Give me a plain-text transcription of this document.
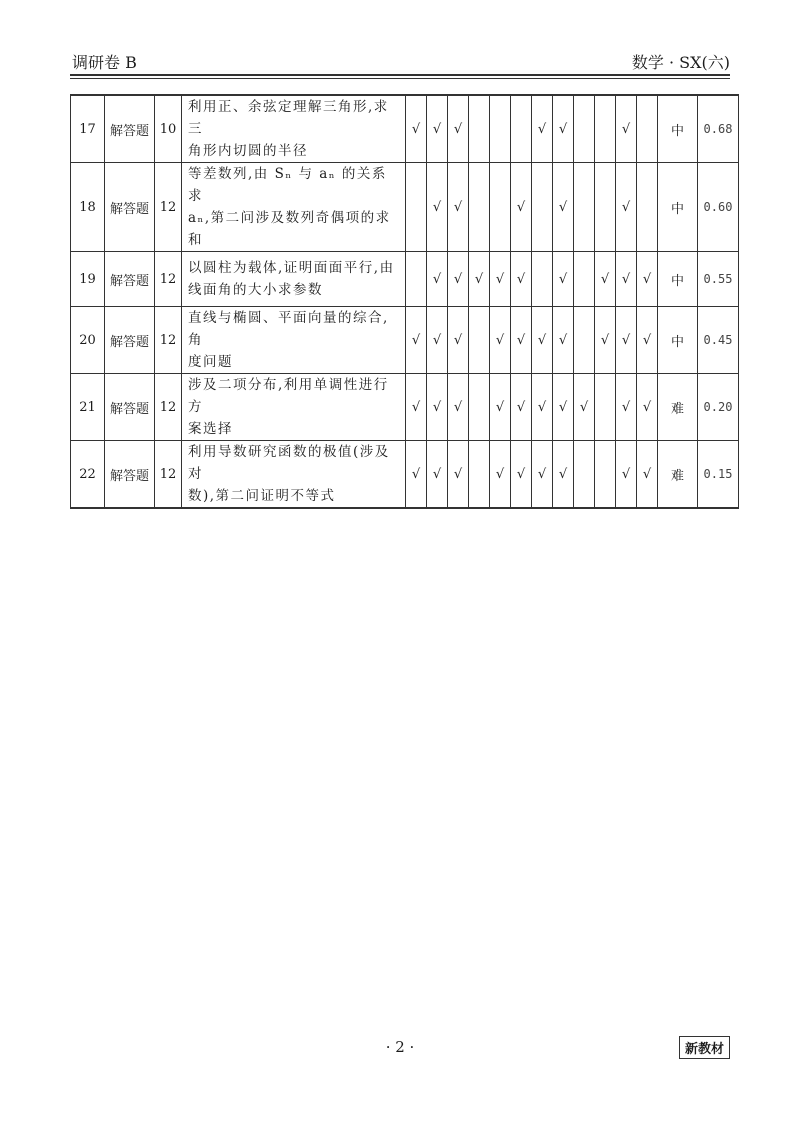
调研卷 B	数学 · SX(六)
17	解答题	10	利用正、余弦定理解三角形,求三
角形内切圆的半径	√	√	√				√	√			√		中	0.68
18	解答题	12	等差数列,由 Sₙ 与 aₙ 的关系求
aₙ,第二问涉及数列奇偶项的求和		√	√			√		√			√		中	0.60
19	解答题	12	以圆柱为载体,证明面面平行,由
线面角的大小求参数		√	√	√	√	√		√		√	√	√	中	0.55
20	解答题	12	直线与椭圆、平面向量的综合,角
度问题	√	√	√		√	√	√	√		√	√	√	中	0.45
21	解答题	12	涉及二项分布,利用单调性进行方
案选择	√	√	√		√	√	√	√	√		√	√	难	0.20
22	解答题	12	利用导数研究函数的极值(涉及对
数),第二问证明不等式	√	√	√		√	√	√	√			√	√	难	0.15
· 2 ·	新教材
